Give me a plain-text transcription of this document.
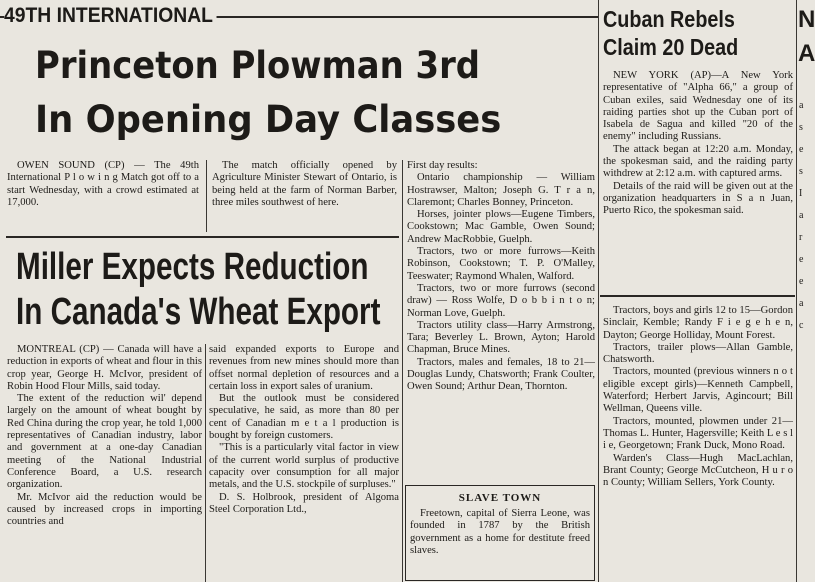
49TH INTERNATIONAL
Princeton Plowman 3rd
In Opening Day Classes

OWEN SOUND (CP) — The 49th International P l o w i n g Match got off to a start Wednesday, with a crowd estimated at 17,000.

The match officially opened by Agriculture Minister Stewart of Ontario, is being held at the farm of Norman Barber, three miles southwest of here.

Miller Expects Reduction
In Canada's Wheat Export

MONTREAL (CP) — Canada will have a reduction in exports of wheat and flour in this crop year, George H. McIvor, president of Robin Hood Flour Mills, said today.

The extent of the reduction wil' depend largely on the amount of wheat bought by Red China during the crop year, he told 1,000 representatives of Canadian industry, labor and government at a one-day Canadian meeting of the National Industrial Conference Board, a U.S. research organization.

Mr. McIvor aid the reduction would be caused by increased crops in importing countries and

said expanded exports to Europe and revenues from new mines should more than offset normal depletion of resources and a certain loss in export sales of uranium.

But the outlook must be considered speculative, he said, as more than 80 per cent of Canadian m e t a l production is bought by foreign customers.

"This is a particularly vital factor in view of the current world surplus of productive capacity over consumption for all major metals, and the U.S. stockpile of surpluses."

D. S. Holbrook, president of Algoma Steel Corporation Ltd.,

First day results:

Ontario championship — William Hostrawser, Malton; Joseph G. T r a n, Claremont; Charles Bonney, Princeton.

Horses, jointer plows—Eugene Timbers, Cookstown; Mac Gamble, Owen Sound; Andrew MacRobbie, Guelph.

Tractors, two or more furrows—Keith Robinson, Cookstown; T. P. O'Malley, Teeswater; Raymond Whalen, Walford.

Tractors, two or more furrows (second draw) — Ross Wolfe, D o b b i n t o n; Norman Love, Guelph.

Tractors utility class—Harry Armstrong, Tara; Beverley L. Brown, Ayton; Harold Chapman, Bruce Mines.

Tractors, males and females, 18 to 21—Douglas Lundy, Chatsworth; Frank Coulter, Owen Sound; Arthur Dean, Thornton.

SLAVE TOWN

Freetown, capital of Sierra Leone, was founded in 1787 by the British government as a home for destitute freed slaves.

Cuban Rebels
Claim 20 Dead

NEW YORK (AP)—A New York representative of "Alpha 66," a group of Cuban exiles, said Wednesday one of its raiding parties shot up the Cuban port of Isabela de Sagua and killed "20 of the enemy" including Russians.

The attack began at 12:20 a.m. Monday, the spokesman said, and the raiding party withdrew at 2:12 a.m. with captured arms.

Details of the raid will be given out at the organization headquarters in S a n Juan, Puerto Rico, the spokesman said.

Tractors, boys and girls 12 to 15—Gordon Sinclair, Kemble; Randy F i e g e h e n, Dayton; George Holliday, Mount Forest.

Tractors, trailer plows—Allan Gamble, Chatsworth.

Tractors, mounted (previous winners n o t eligible except girls)—Kenneth Campbell, Waterford; Herbert Jarvis, Agincourt; Bill Wellman, Queens ville.

Tractors, mounted, plowmen under 21—Thomas L. Hunter, Hagersville; Keith L e s l i e, Georgetown; Frank Duck, Mono Road.

Warden's Class—Hugh MacLachlan, Brant County; George McCutcheon, H u r o n County; William Sellers, York County.

N
A
a
s
e
s
I
a
r
e
e
a
c
